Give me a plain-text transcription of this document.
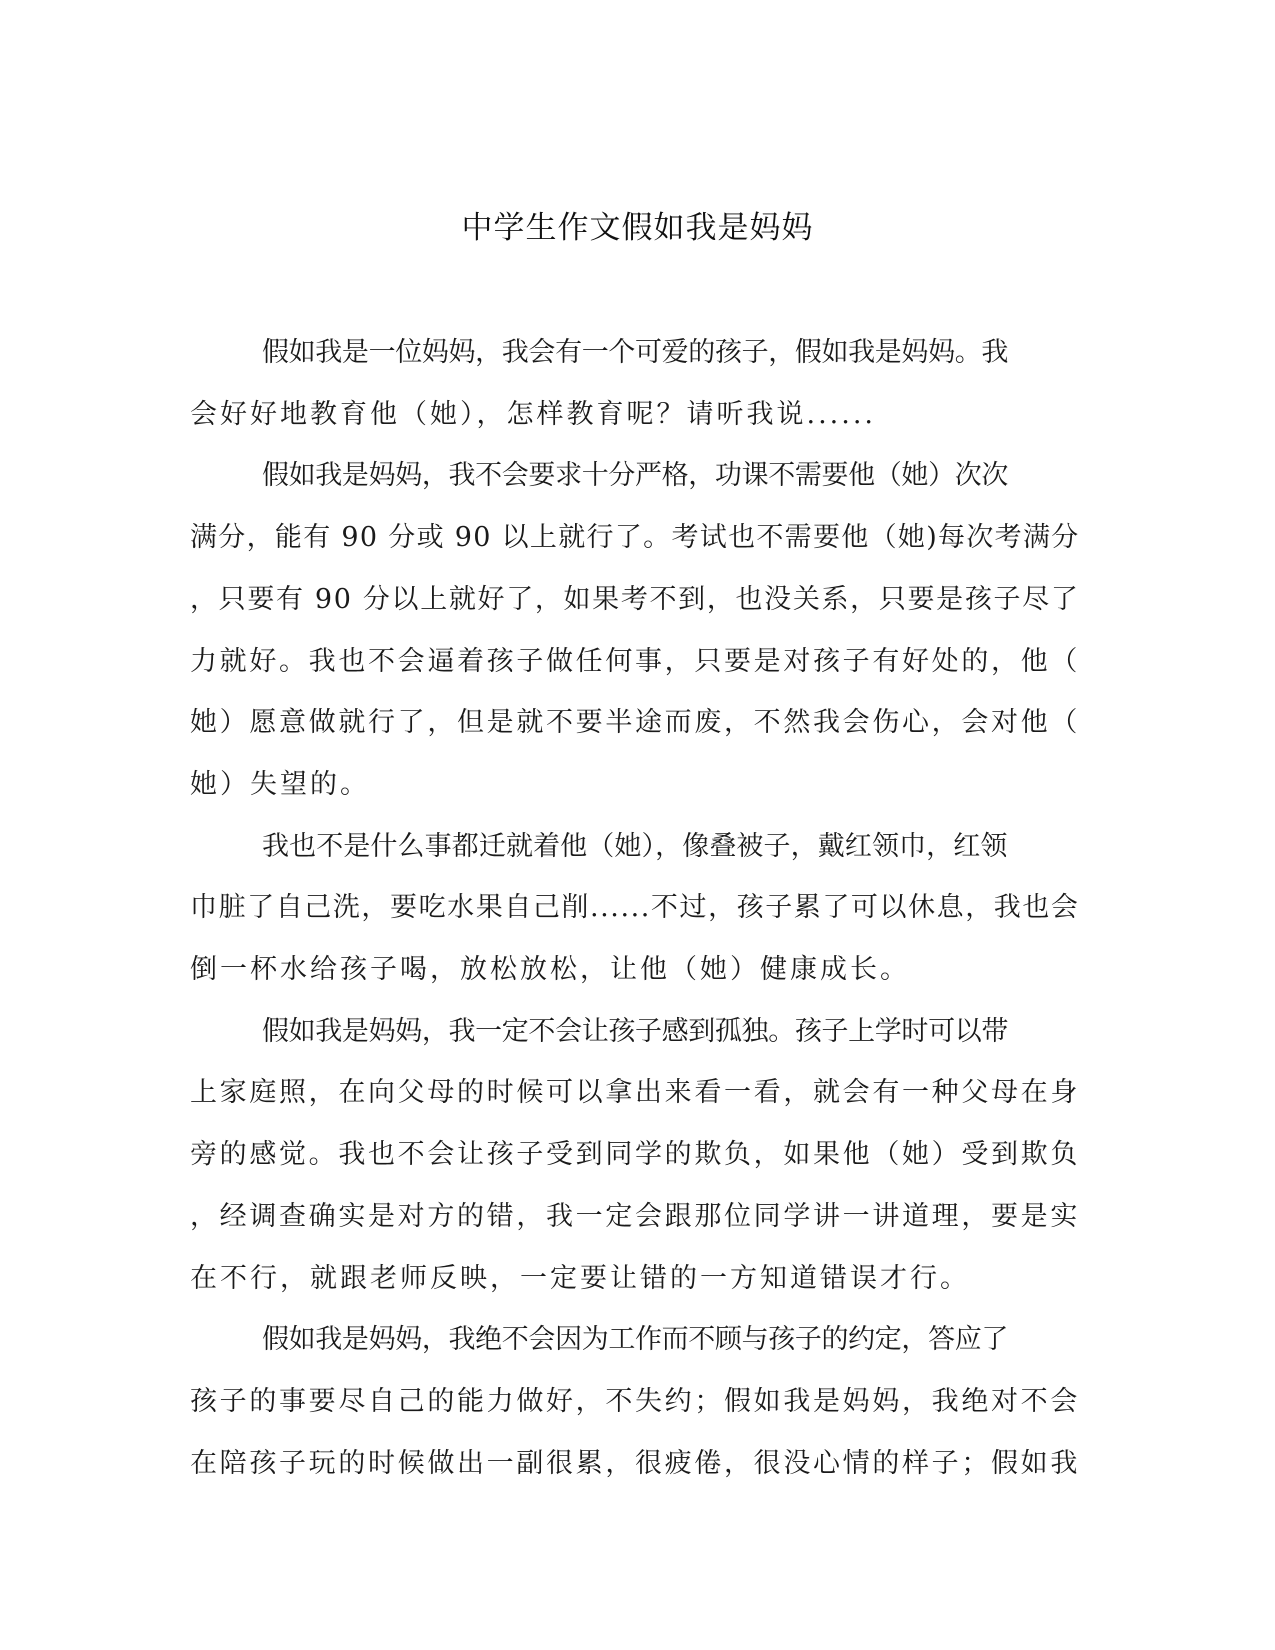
中学生作文假如我是妈妈

假如我是一位妈妈，我会有一个可爱的孩子，假如我是妈妈。我
会好好地教育他（她），怎样教育呢？请听我说......

假如我是妈妈，我不会要求十分严格，功课不需要他（她）次次
满分，能有 90 分或 90 以上就行了。考试也不需要他（她)每次考满分
，只要有 90 分以上就好了，如果考不到，也没关系，只要是孩子尽了
力就好。我也不会逼着孩子做任何事，只要是对孩子有好处的，他（
她）愿意做就行了，但是就不要半途而废，不然我会伤心，会对他（
她）失望的。

我也不是什么事都迁就着他（她），像叠被子，戴红领巾，红领
巾脏了自己洗，要吃水果自己削......不过，孩子累了可以休息，我也会
倒一杯水给孩子喝，放松放松，让他（她）健康成长。

假如我是妈妈，我一定不会让孩子感到孤独。孩子上学时可以带
上家庭照，在向父母的时候可以拿出来看一看，就会有一种父母在身
旁的感觉。我也不会让孩子受到同学的欺负，如果他（她）受到欺负
，经调查确实是对方的错，我一定会跟那位同学讲一讲道理，要是实
在不行，就跟老师反映，一定要让错的一方知道错误才行。

假如我是妈妈，我绝不会因为工作而不顾与孩子的约定，答应了
孩子的事要尽自己的能力做好，不失约；假如我是妈妈，我绝对不会
在陪孩子玩的时候做出一副很累，很疲倦，很没心情的样子；假如我
